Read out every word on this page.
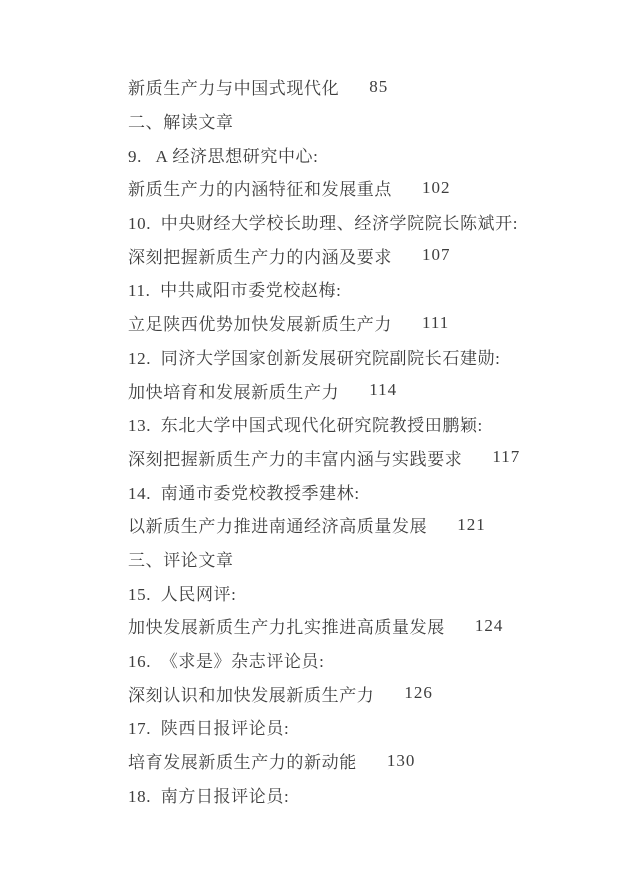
新质生产力与中国式现代化 85
二、解读文章
9.   A 经济思想研究中心:
新质生产力的内涵特征和发展重点 102
10.  中央财经大学校长助理、经济学院院长陈斌开:
深刻把握新质生产力的内涵及要求 107
11.  中共咸阳市委党校赵梅:
立足陕西优势加快发展新质生产力 111
12.  同济大学国家创新发展研究院副院长石建勋:
加快培育和发展新质生产力 114
13.  东北大学中国式现代化研究院教授田鹏颖:
深刻把握新质生产力的丰富内涵与实践要求 117
14.  南通市委党校教授季建林:
以新质生产力推进南通经济高质量发展 121
三、评论文章
15.  人民网评:
加快发展新质生产力扎实推进高质量发展 124
16.  《求是》杂志评论员:
深刻认识和加快发展新质生产力 126
17.  陕西日报评论员:
培育发展新质生产力的新动能 130
18.  南方日报评论员:
